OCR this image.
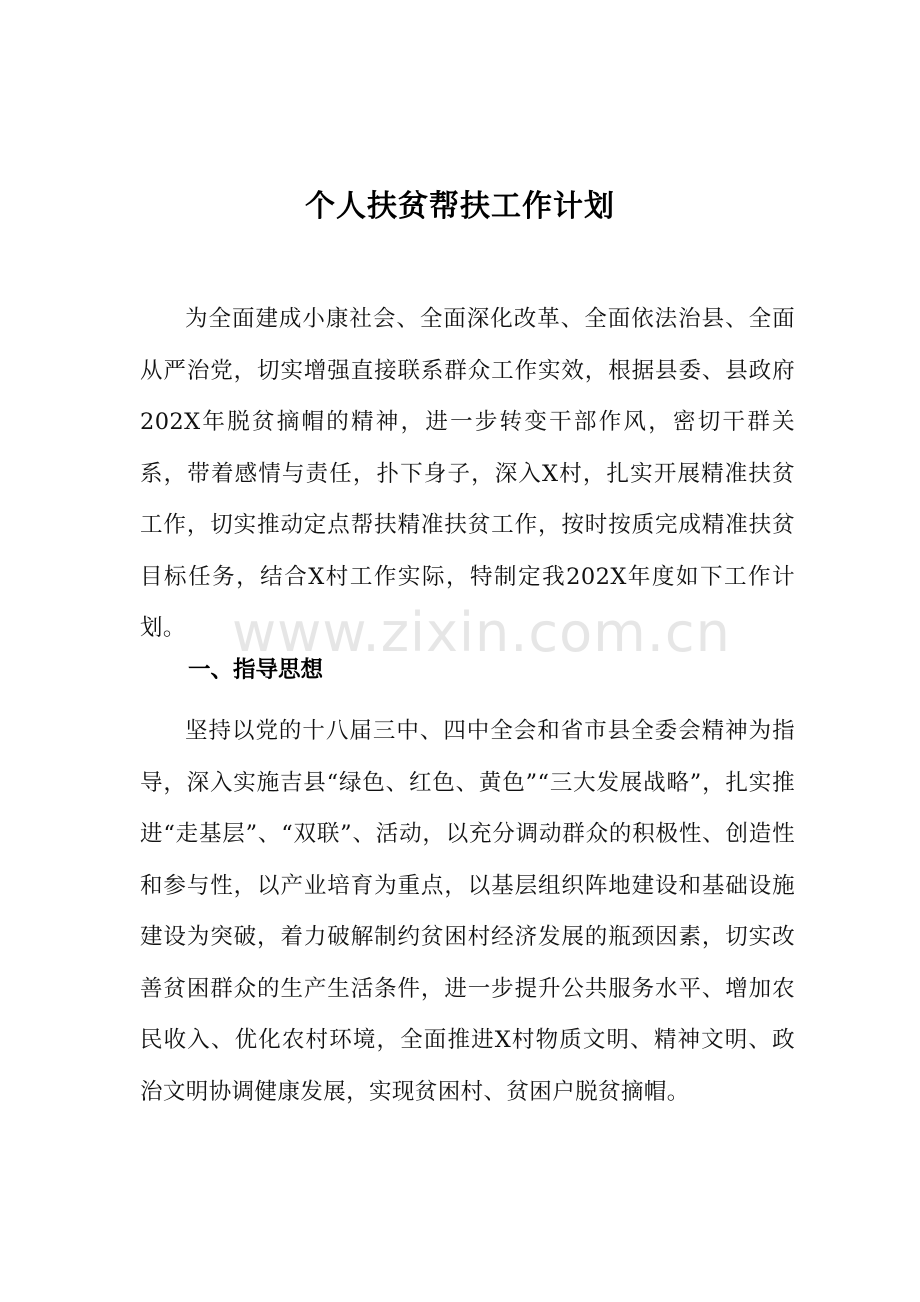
个人扶贫帮扶工作计划

为全面建成小康社会、全面深化改革、全面依法治县、全面从严治党，切实增强直接联系群众工作实效，根据县委、县政府202X年脱贫摘帽的精神，进一步转变干部作风，密切干群关系，带着感情与责任，扑下身子，深入X村，扎实开展精准扶贫工作，切实推动定点帮扶精准扶贫工作，按时按质完成精准扶贫目标任务，结合X村工作实际，特制定我202X年度如下工作计划。

一、指导思想

坚持以党的十八届三中、四中全会和省市县全委会精神为指导，深入实施吉县“绿色、红色、黄色”“三大发展战略”，扎实推进“走基层”、“双联”、活动，以充分调动群众的积极性、创造性和参与性，以产业培育为重点，以基层组织阵地建设和基础设施建设为突破，着力破解制约贫困村经济发展的瓶颈因素，切实改善贫困群众的生产生活条件，进一步提升公共服务水平、增加农民收入、优化农村环境，全面推进X村物质文明、精神文明、政治文明协调健康发展，实现贫困村、贫困户脱贫摘帽。

www.zixin.com.cn
